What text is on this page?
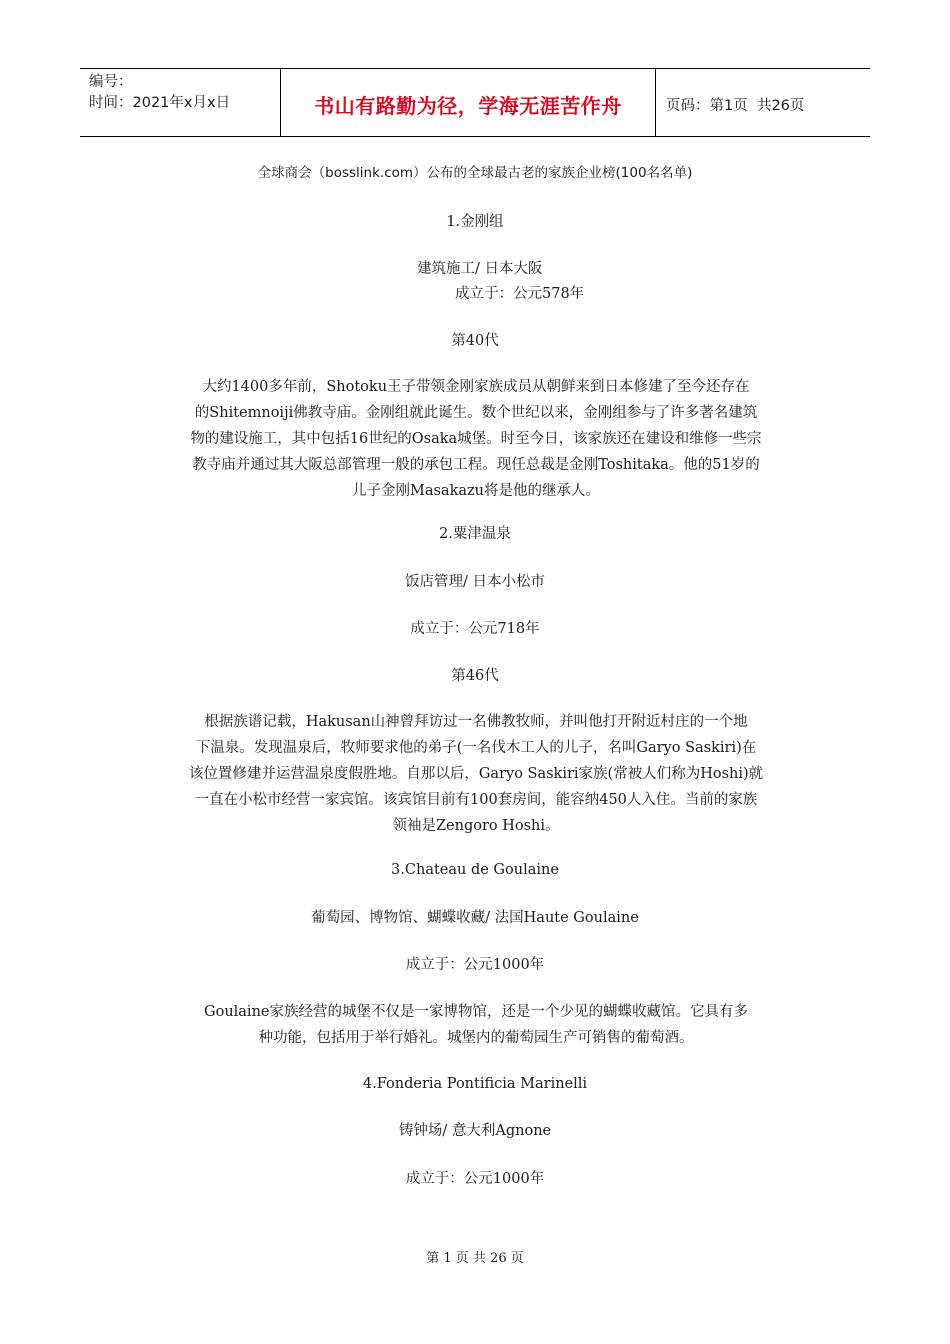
编号：
时间：2021年x月x日	书山有路勤为径，学海无涯苦作舟	页码：第1页  共26页
全球商会（bosslink.com）公布的全球最古老的家族企业榜(100名名单)
1.金刚组
建筑施工/ 日本大阪
成立于：公元578年
第40代
大约1400多年前，Shotoku王子带领金刚家族成员从朝鲜来到日本修建了至今还存在
的Shitemnoiji佛教寺庙。金刚组就此诞生。数个世纪以来，金刚组参与了许多著名建筑
物的建设施工，其中包括16世纪的Osaka城堡。时至今日，该家族还在建设和维修一些宗
教寺庙并通过其大阪总部管理一般的承包工程。现任总裁是金刚Toshitaka。他的51岁的
儿子金刚Masakazu将是他的继承人。
2.粟津温泉
饭店管理/ 日本小松市
成立于：公元718年
第46代
根据族谱记载，Hakusan山神曾拜访过一名佛教牧师，并叫他打开附近村庄的一个地
下温泉。发现温泉后，牧师要求他的弟子(一名伐木工人的儿子，名叫Garyo Saskiri)在
该位置修建并运营温泉度假胜地。自那以后，Garyo Saskiri家族(常被人们称为Hoshi)就
一直在小松市经营一家宾馆。该宾馆目前有100套房间，能容纳450人入住。当前的家族
领袖是Zengoro Hoshi。
3.Chateau de Goulaine
葡萄园、博物馆、蝴蝶收藏/ 法国Haute Goulaine
成立于：公元1000年
Goulaine家族经营的城堡不仅是一家博物馆，还是一个少见的蝴蝶收藏馆。它具有多
种功能，包括用于举行婚礼。城堡内的葡萄园生产可销售的葡萄酒。
4.Fonderia Pontificia Marinelli
铸钟场/ 意大利Agnone
成立于：公元1000年
第 1 页 共 26 页
